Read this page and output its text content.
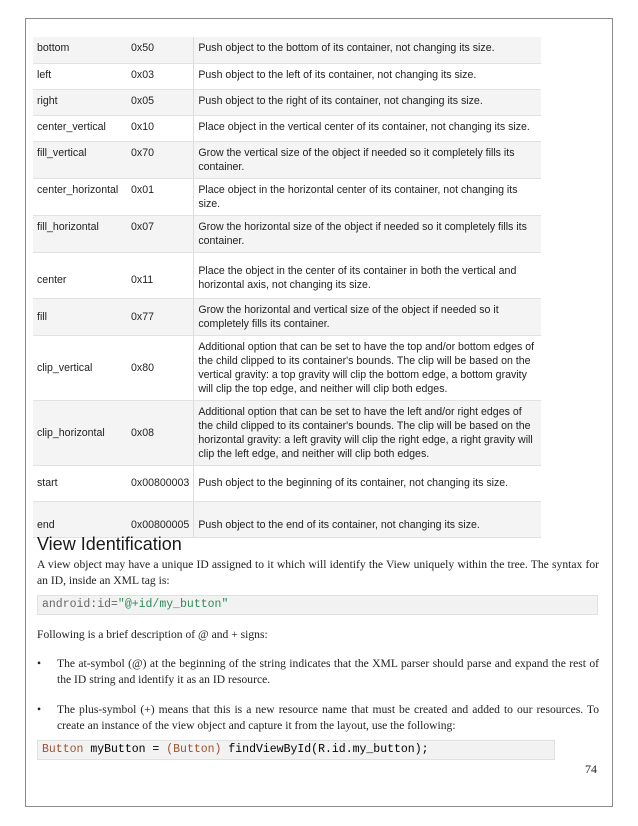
bottom	0x50	Push object to the bottom of its container, not changing its size.
left	0x03	Push object to the left of its container, not changing its size.
right	0x05	Push object to the right of its container, not changing its size.
center_vertical	0x10	Place object in the vertical center of its container, not changing its size.
fill_vertical	0x70	Grow the vertical size of the object if needed so it completely fills its container.
center_horizontal	0x01	Place object in the horizontal center of its container, not changing its size.
fill_horizontal	0x07	Grow the horizontal size of the object if needed so it completely fills its container.
center	0x11	Place the object in the center of its container in both the vertical and horizontal axis, not changing its size.
fill	0x77	Grow the horizontal and vertical size of the object if needed so it completely fills its container.
clip_vertical	0x80	Additional option that can be set to have the top and/or bottom edges of the child clipped to its container's bounds. The clip will be based on the vertical gravity: a top gravity will clip the bottom edge, a bottom gravity will clip the top edge, and neither will clip both edges.
clip_horizontal	0x08	Additional option that can be set to have the left and/or right edges of the child clipped to its container's bounds. The clip will be based on the horizontal gravity: a left gravity will clip the right edge, a right gravity will clip the left edge, and neither will clip both edges.
start	0x00800003	Push object to the beginning of its container, not changing its size.
end	0x00800005	Push object to the end of its container, not changing its size.
View Identification

A view object may have a unique ID assigned to it which will identify the View uniquely within the tree. The syntax for an ID, inside an XML tag is:

android:id="@+id/my_button"

Following is a brief description of @ and + signs:

• The at-symbol (@) at the beginning of the string indicates that the XML parser should parse and expand the rest of the ID string and identify it as an ID resource.
• The plus-symbol (+) means that this is a new resource name that must be created and added to our resources. To create an instance of the view object and capture it from the layout, use the following:
Button myButton = (Button) findViewById(R.id.my_button);
74
